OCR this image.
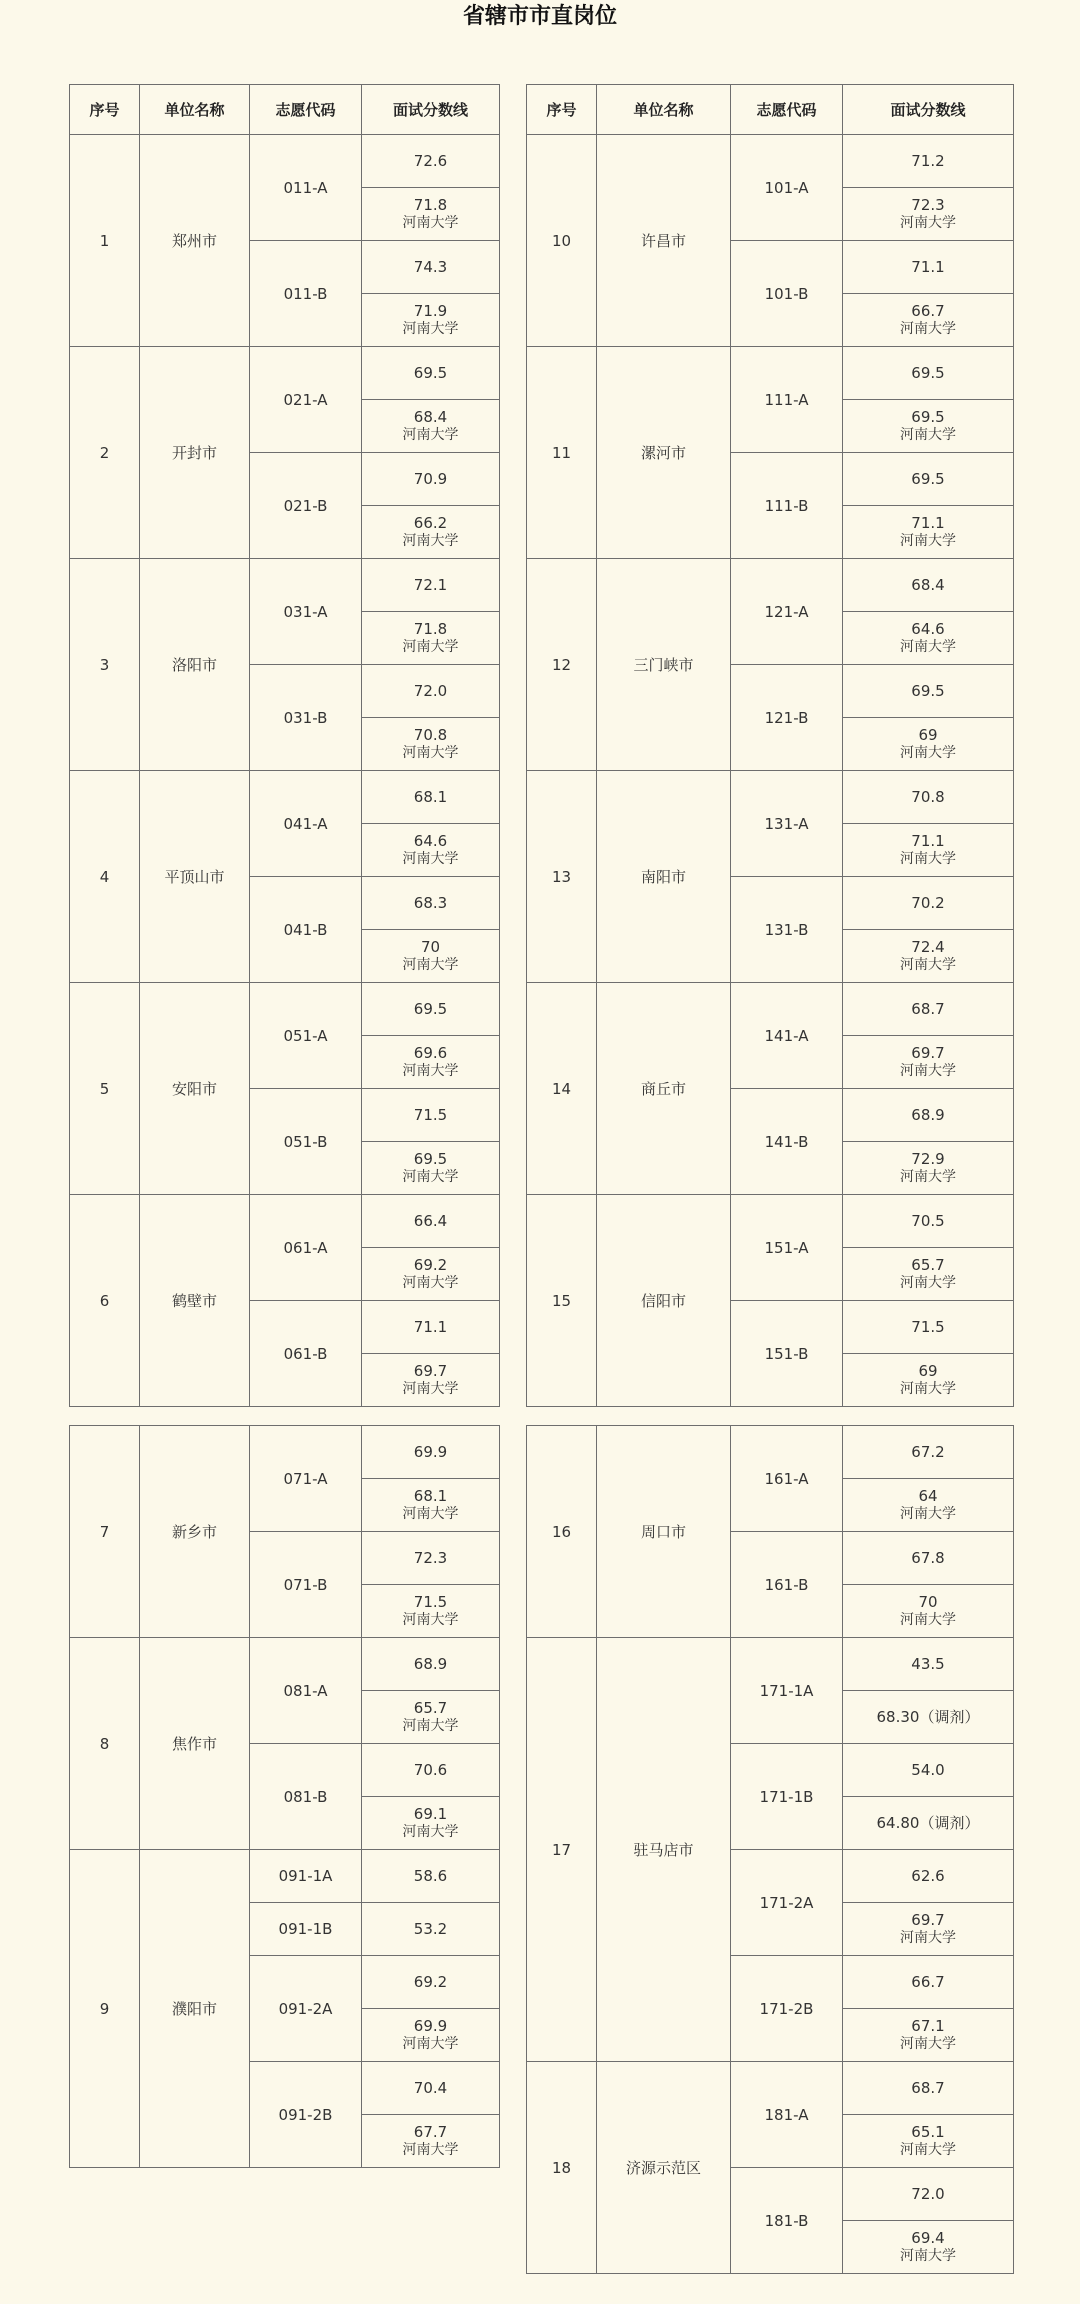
省辖市市直岗位
序号	单位名称	志愿代码	面试分数线
1	郑州市	011-A	72.6

			71.8
河南大学

		011-B	74.3

			71.9
河南大学

2	开封市	021-A	69.5

			68.4
河南大学

		021-B	70.9

			66.2
河南大学

3	洛阳市	031-A	72.1

			71.8
河南大学

		031-B	72.0

			70.8
河南大学

4	平顶山市	041-A	68.1

			64.6
河南大学

		041-B	68.3

			70
河南大学

5	安阳市	051-A	69.5

			69.6
河南大学

		051-B	71.5

			69.5
河南大学

6	鹤壁市	061-A	66.4

			69.2
河南大学

		061-B	71.1

			69.7
河南大学
序号	单位名称	志愿代码	面试分数线
10	许昌市	101-A	71.2

			72.3
河南大学

		101-B	71.1

			66.7
河南大学

11	漯河市	111-A	69.5

			69.5
河南大学

		111-B	69.5

			71.1
河南大学

12	三门峡市	121-A	68.4

			64.6
河南大学

		121-B	69.5

			69
河南大学

13	南阳市	131-A	70.8

			71.1
河南大学

		131-B	70.2

			72.4
河南大学

14	商丘市	141-A	68.7

			69.7
河南大学

		141-B	68.9

			72.9
河南大学

15	信阳市	151-A	70.5

			65.7
河南大学

		151-B	71.5

			69
河南大学
7	新乡市	071-A	69.9

			68.1
河南大学

		071-B	72.3

			71.5
河南大学

8	焦作市	081-A	68.9

			65.7
河南大学

		081-B	70.6

			69.1
河南大学

9	濮阳市	091-1A	58.6

		091-1B	53.2

		091-2A	69.2

			69.9
河南大学

		091-2B	70.4

			67.7
河南大学
16	周口市	161-A	67.2

			64
河南大学

		161-B	67.8

			70
河南大学

17	驻马店市	171-1A	43.5

			68.30（调剂）

		171-1B	54.0

			64.80（调剂）

		171-2A	62.6

			69.7
河南大学

		171-2B	66.7

			67.1
河南大学

18	济源示范区	181-A	68.7

			65.1
河南大学

		181-B	72.0

			69.4
河南大学
